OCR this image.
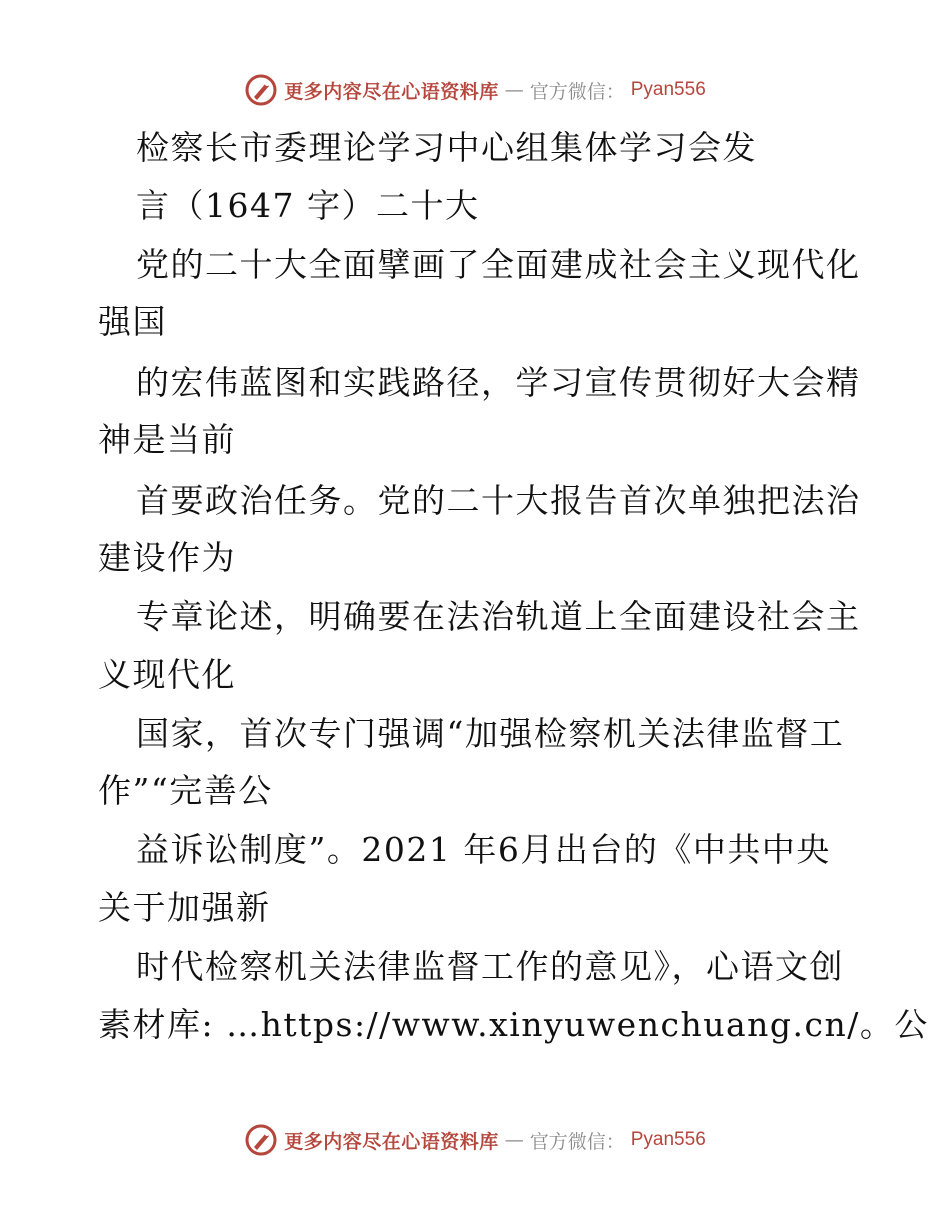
更多内容尽在心语资料库 — 官方微信： Pyan556
检察长市委理论学习中心组集体学习会发
言（1647 字）二十大
党的二十大全面擘画了全面建成社会主义现代化
强国
的宏伟蓝图和实践路径，学习宣传贯彻好大会精
神是当前
首要政治任务。党的二十大报告首次单独把法治
建设作为
专章论述，明确要在法治轨道上全面建设社会主
义现代化
国家，首次专门强调“加强检察机关法律监督工
作”“完善公
益诉讼制度”。2021 年6月出台的《中共中央
关于加强新
时代检察机关法律监督工作的意见》，心语文创
素材库: …https://www.xinyuwenchuang.cn/。公
更多内容尽在心语资料库 — 官方微信： Pyan556
